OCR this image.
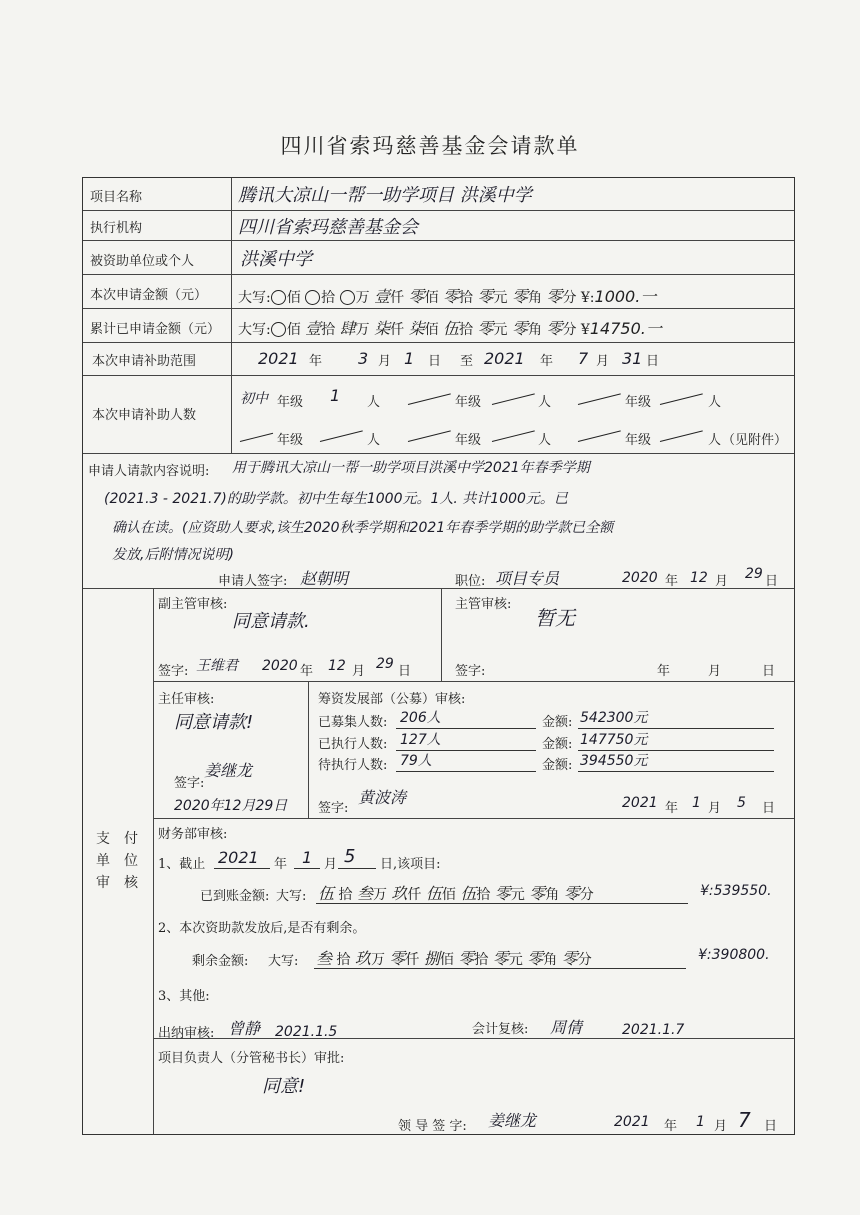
四川省索玛慈善基金会请款单
项目名称	腾讯大凉山一帮一助学项目 洪溪中学
执行机构	四川省索玛慈善基金会
被资助单位或个人	洪溪中学
本次申请金额（元） 大写: 佰 拾 万 壹仟 零佰 零拾 零元 零角 零分 ¥:1000.一
累计已申请金额（元） 大写: 佰 壹拾 肆万 柒仟 柒佰 伍拾 零元 零角 零分 ¥14750.一
本次申请补助范围	2021 年 3 月 1 日 至 2021 年 7 月 31 日
本次申请补助人数
初中 年级 1 人	年级	人	年级	人
年级	人	年级	人	年级	人 （见附件）
申请人请款内容说明: 用于腾讯大凉山一帮一助学项目洪溪中学2021年春季学期
(2021.3 - 2021.7)的助学款。初中生每生1000元。1人. 共计1000元。已
确认在读。(应资助人要求,该生2020秋季学期和2021年春季学期的助学款已全额
发放,后附情况说明)
申请人签字: 赵朝明	职位: 项目专员	2020 年 12 月 29 日
副主管审核:
同意请款.
签字: 王维君 2020 年 12 月 29 日
主管审核:
暂无
签字:	年	月	日
主任审核:
同意请款!
签字:
姜继龙
2020年12月29日
筹资发展部（公募）审核:
已募集人数: 206人	金额: 542300元
已执行人数: 127人	金额: 147750元
待执行人数: 79人	金额: 394550元
签字:
黄波涛	2021 年 1 月 5 日
支
单
审
付
位
核
财务部审核:
1、截止 2021 年 1 月 5 日,该项目:
已到账金额: 大写: 伍 拾 叁万 玖仟 伍佰 伍拾 零元 零角 零分	¥:539550.
2、本次资助款发放后,是否有剩余。
剩余金额: 大写: 叁 拾 玖万 零仟 捌佰 零拾 零元 零角 零分	¥:390800.
3、其他:
出纳审核: 曾静 2021.1.5	会计复核: 周倩	2021.1.7
项目负责人（分管秘书长）审批:
同意!
领 导 签 字: 姜继龙	2021 年 1 月 7 日
